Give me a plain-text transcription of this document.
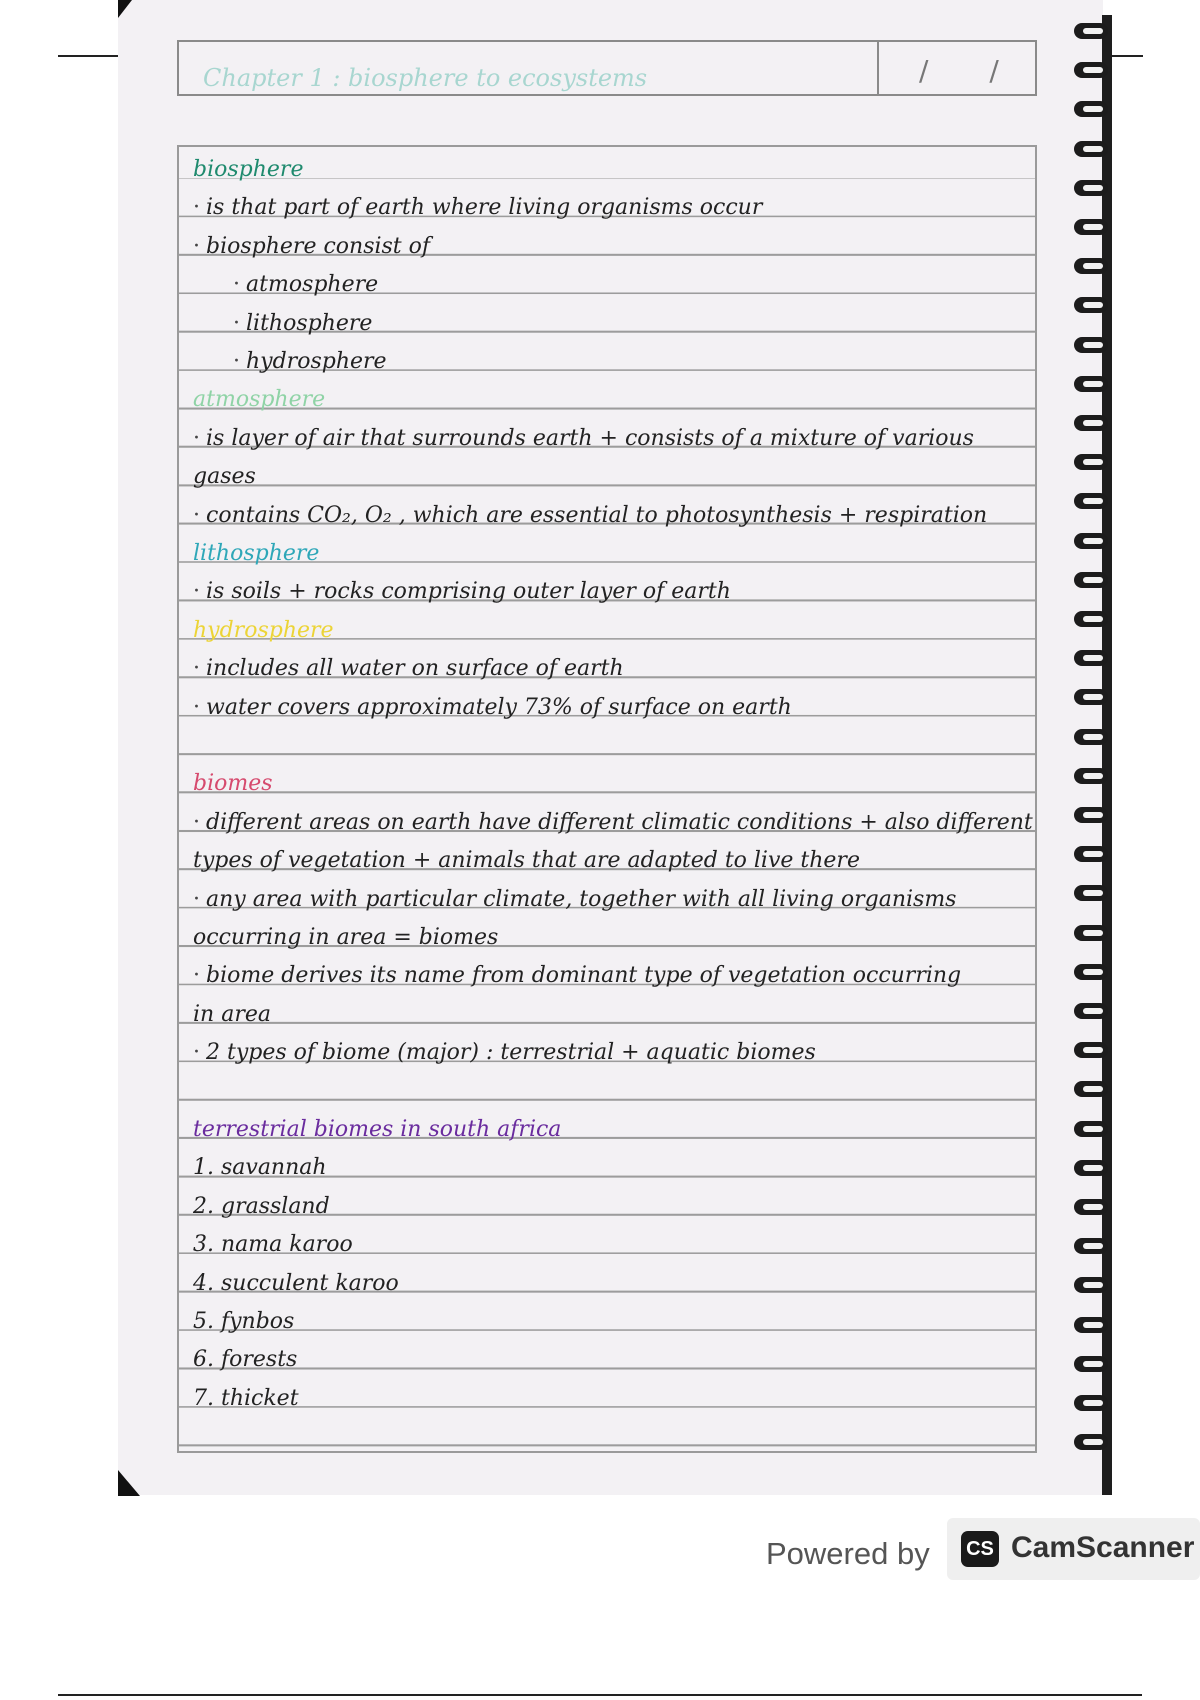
Chapter 1 : biosphere to ecosystems	/ /
biosphere
· is that part of earth where living organisms occur
· biosphere consist of
· atmosphere
· lithosphere
· hydrosphere
atmosphere
· is layer of air that surrounds earth + consists of a mixture of various
gases
· contains CO₂, O₂ , which are essential to photosynthesis + respiration
lithosphere
· is soils + rocks comprising outer layer of earth
hydrosphere
· includes all water on surface of earth
· water covers approximately 73% of surface on earth
biomes
· different areas on earth have different climatic conditions + also different
types of vegetation + animals that are adapted to live there
· any area with particular climate, together with all living organisms
occurring in area = biomes
· biome derives its name from dominant type of vegetation occurring
in area
· 2 types of biome (major) : terrestrial + aquatic biomes
terrestrial biomes in south africa
1. savannah
2. grassland
3. nama karoo
4. succulent karoo
5. fynbos
6. forests
7. thicket
Powered by CS CamScanner
